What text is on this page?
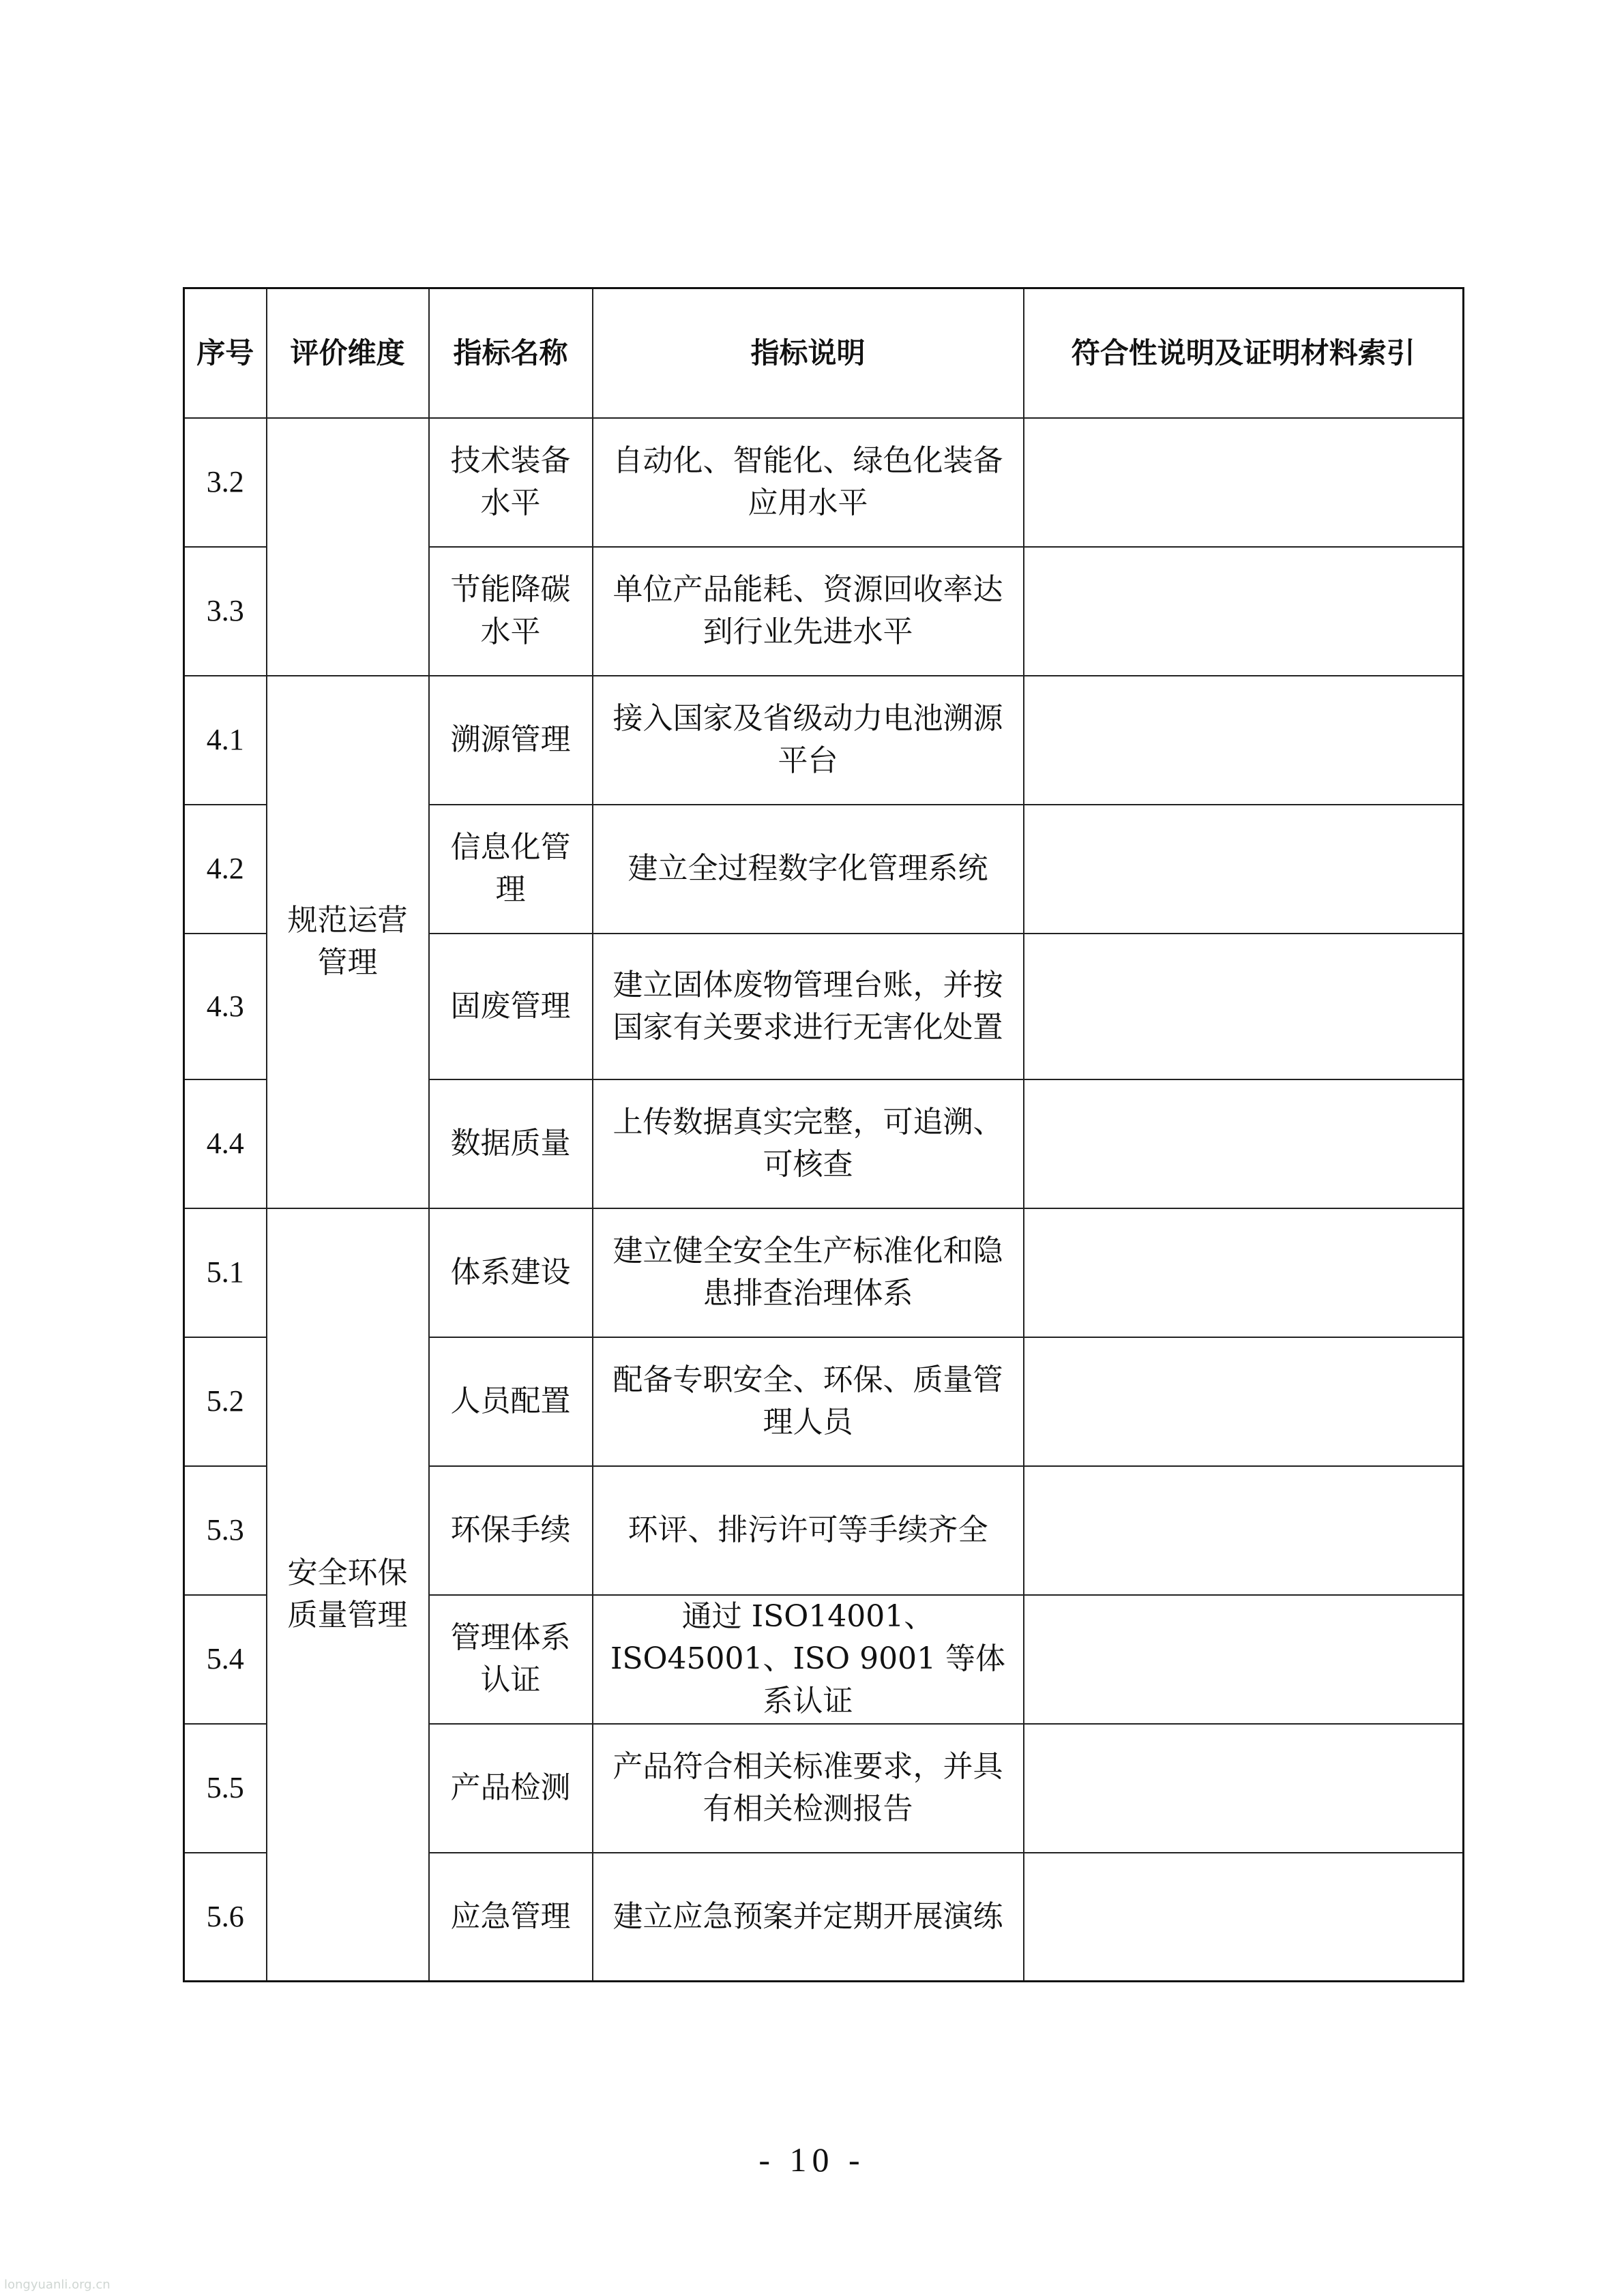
序号	评价维度	指标名称	指标说明	符合性说明及证明材料索引
3.2		技术装备水平	自动化、智能化、绿色化装备应用水平	
3.3		节能降碳水平	单位产品能耗、资源回收率达到行业先进水平	
4.1	规范运营管理	溯源管理	接入国家及省级动力电池溯源平台	
4.2		信息化管理	建立全过程数字化管理系统	
4.3		固废管理	建立固体废物管理台账，并按国家有关要求进行无害化处置	
4.4		数据质量	上传数据真实完整，可追溯、可核查	
5.1	安全环保质量管理	体系建设	建立健全安全生产标准化和隐患排查治理体系	
5.2		人员配置	配备专职安全、环保、质量管理人员	
5.3		环保手续	环评、排污许可等手续齐全	
5.4		管理体系认证	通过 ISO14001、ISO45001、ISO 9001 等体系认证	
5.5		产品检测	产品符合相关标准要求，并具有相关检测报告	
5.6		应急管理	建立应急预案并定期开展演练	
- 10 -
longyuanli.org.cn
